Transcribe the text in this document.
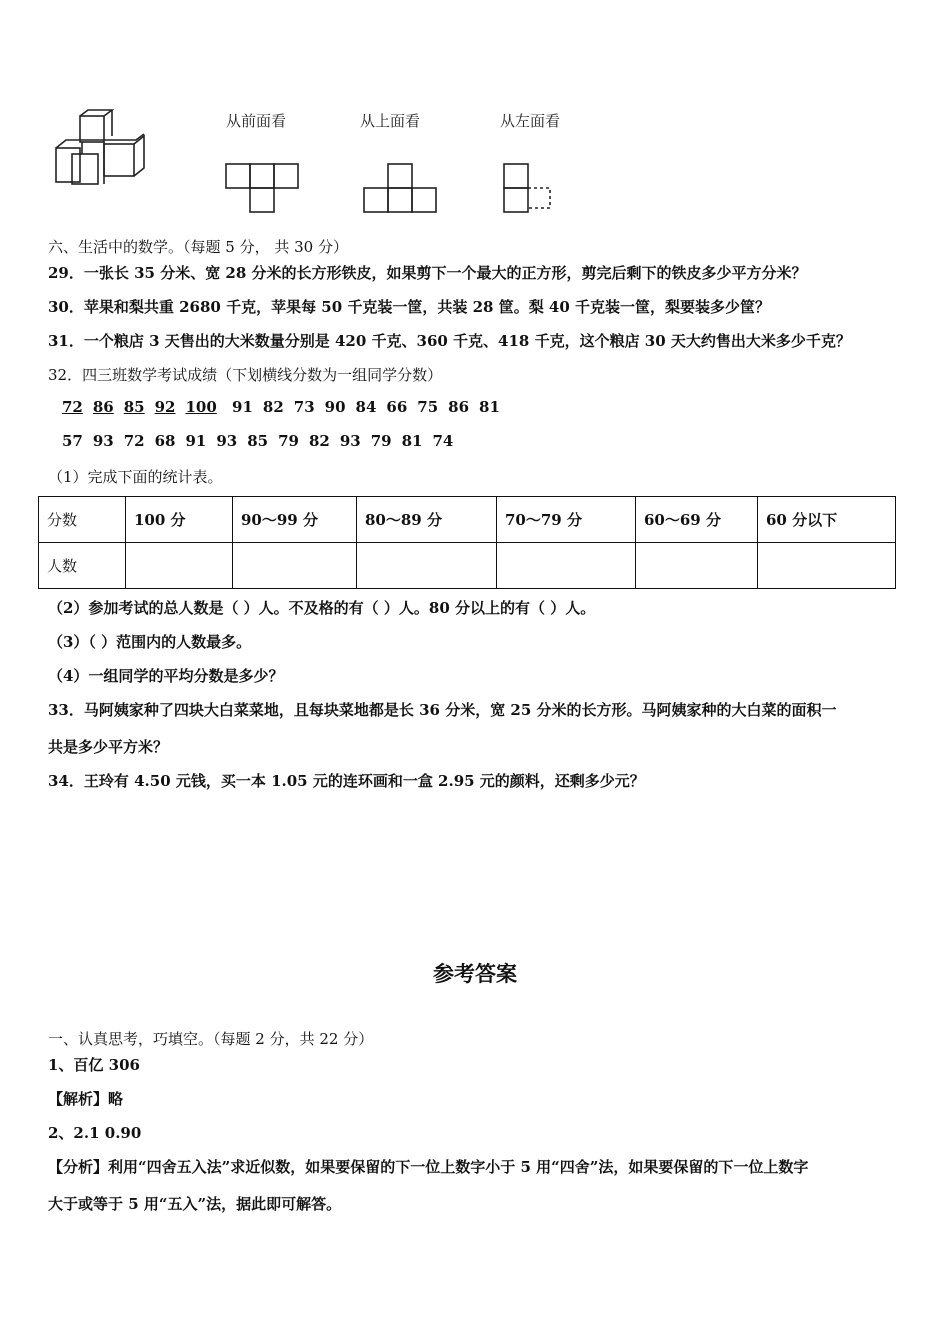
从前面看	从上面看	从左面看
六、生活中的数学。（每题 5 分， 共 30 分）
29．一张长 35 分米、宽 28 分米的长方形铁皮，如果剪下一个最大的正方形，剪完后剩下的铁皮多少平方分米？
30．苹果和梨共重 2680 千克，苹果每 50 千克装一筐，共装 28 筐。梨 40 千克装一筐，梨要装多少筐？
31．一个粮店 3 天售出的大米数量分别是 420 千克、360 千克、418 千克，这个粮店 30 天大约售出大米多少千克？
32．四三班数学考试成绩（下划横线分数为一组同学分数）
72 86 85 92 100 91 82 73 90 84 66 75 86 81
57 93 72 68 91 93 85 79 82 93 79 81 74
（1）完成下面的统计表。
分数	100 分	90～99 分	80～89 分	70～79 分	60～69 分	60 分以下
人数						
（2）参加考试的总人数是（ ）人。不及格的有（ ）人。80 分以上的有（ ）人。
（3）（ ）范围内的人数最多。
（4）一组同学的平均分数是多少？
33．马阿姨家种了四块大白菜菜地，且每块菜地都是长 36 分米，宽 25 分米的长方形。马阿姨家种的大白菜的面积一
共是多少平方米？
34．王玲有 4.50 元钱，买一本 1.05 元的连环画和一盒 2.95 元的颜料，还剩多少元？
参考答案
一、认真思考，巧填空。（每题 2 分，共 22 分）
1、百亿 306
【解析】略
2、2.1 0.90
【分析】利用“四舍五入法”求近似数，如果要保留的下一位上数字小于 5 用“四舍”法，如果要保留的下一位上数字
大于或等于 5 用“五入”法，据此即可解答。
